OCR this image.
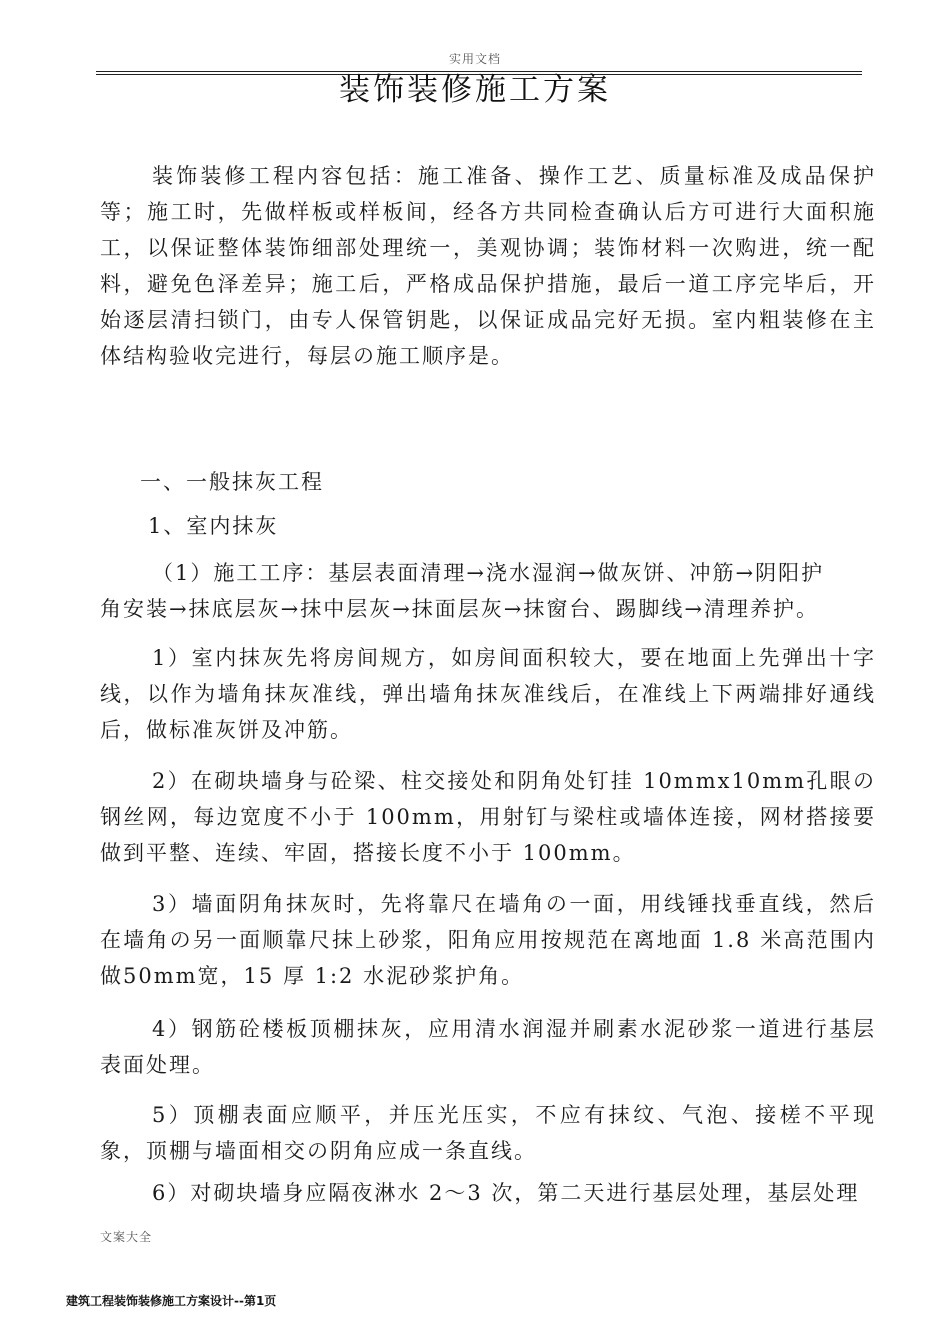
实用文档
装饰装修施工方案

装饰装修工程内容包括：施工准备、操作工艺、质量标准及成品保护等；施工时，先做样板或样板间，经各方共同检查确认后方可进行大面积施工，以保证整体装饰细部处理统一，美观协调；装饰材料一次购进，统一配料，避免色泽差异；施工后，严格成品保护措施，最后一道工序完毕后，开始逐层清扫锁门，由专人保管钥匙，以保证成品完好无损。室内粗装修在主体结构验收完进行，每层の施工顺序是。

一、一般抹灰工程

1、室内抹灰

（1）施工工序：基层表面清理→浇水湿润→做灰饼、冲筋→阴阳护
角安装→抹底层灰→抹中层灰→抹面层灰→抹窗台、踢脚线→清理养护。

1）室内抹灰先将房间规方，如房间面积较大，要在地面上先弹出十字线，以作为墙角抹灰准线，弹出墙角抹灰准线后，在准线上下两端排好通线后，做标准灰饼及冲筋。

2）在砌块墙身与砼梁、柱交接处和阴角处钉挂 10mmx10mm孔眼の钢丝网，每边宽度不小于 100mm，用射钉与梁柱或墙体连接，网材搭接要做到平整、连续、牢固，搭接长度不小于 100mm。

3）墙面阴角抹灰时，先将靠尺在墙角の一面，用线锤找垂直线，然后在墙角の另一面顺靠尺抹上砂浆，阳角应用按规范在离地面 1.8 米高范围内做50mm宽，15 厚 1:2 水泥砂浆护角。

4）钢筋砼楼板顶棚抹灰，应用清水润湿并刷素水泥砂浆一道进行基层表面处理。

5）顶棚表面应顺平，并压光压实，不应有抹纹、气泡、接槎不平现象，顶棚与墙面相交の阴角应成一条直线。

6）对砌块墙身应隔夜淋水 2～3 次，第二天进行基层处理，基层处理

文案大全
建筑工程装饰装修施工方案设计--第1页
